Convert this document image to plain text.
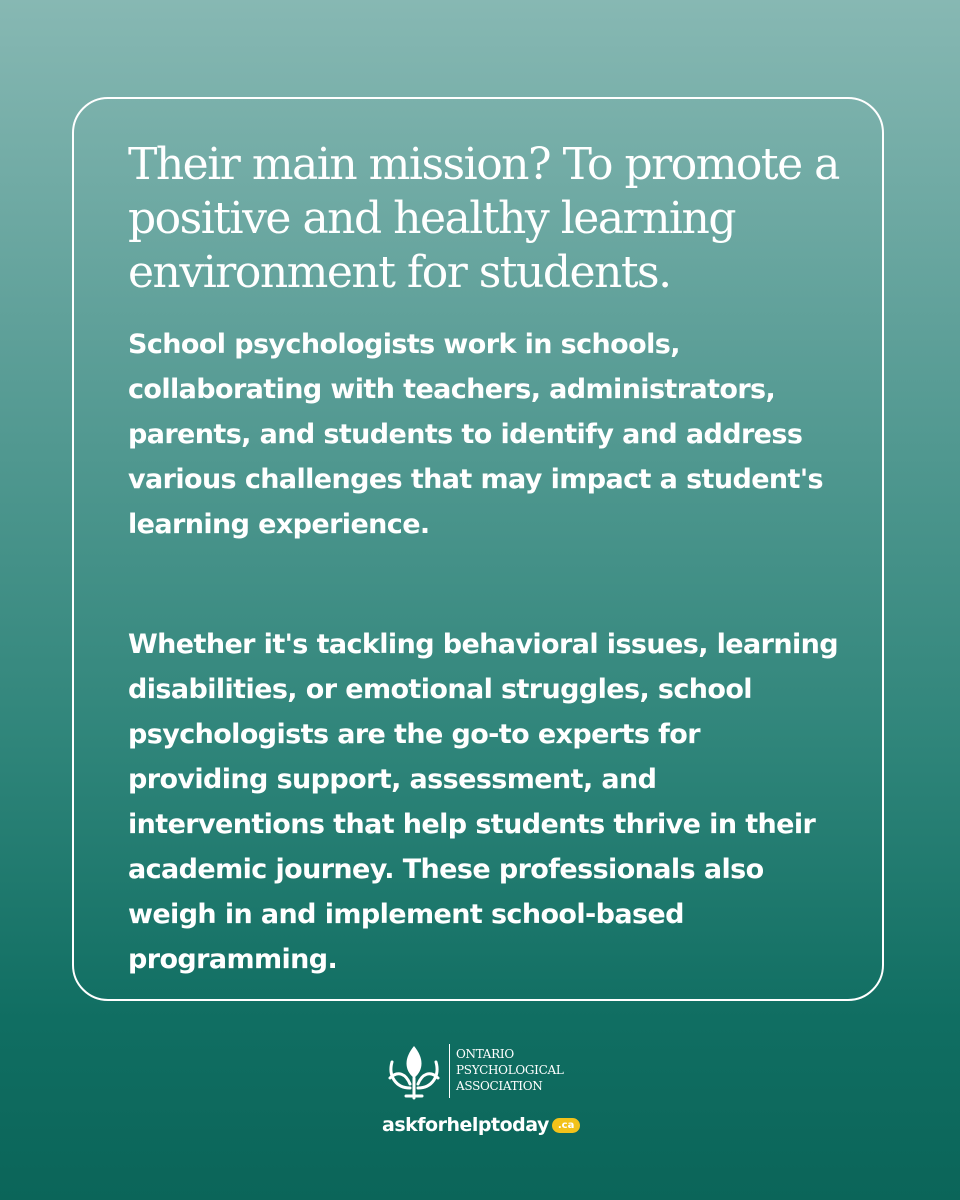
Their main mission? To promote a positive and healthy learning environment for students.

School psychologists work in schools, collaborating with teachers, administrators, parents, and students to identify and address various challenges that may impact a student's learning experience.

Whether it's tackling behavioral issues, learning disabilities, or emotional struggles, school psychologists are the go-to experts for providing support, assessment, and interventions that help students thrive in their academic journey. These professionals also weigh in and implement school-based programming.

ONTARIO
PSYCHOLOGICAL
ASSOCIATION
askforhelptoday .ca
